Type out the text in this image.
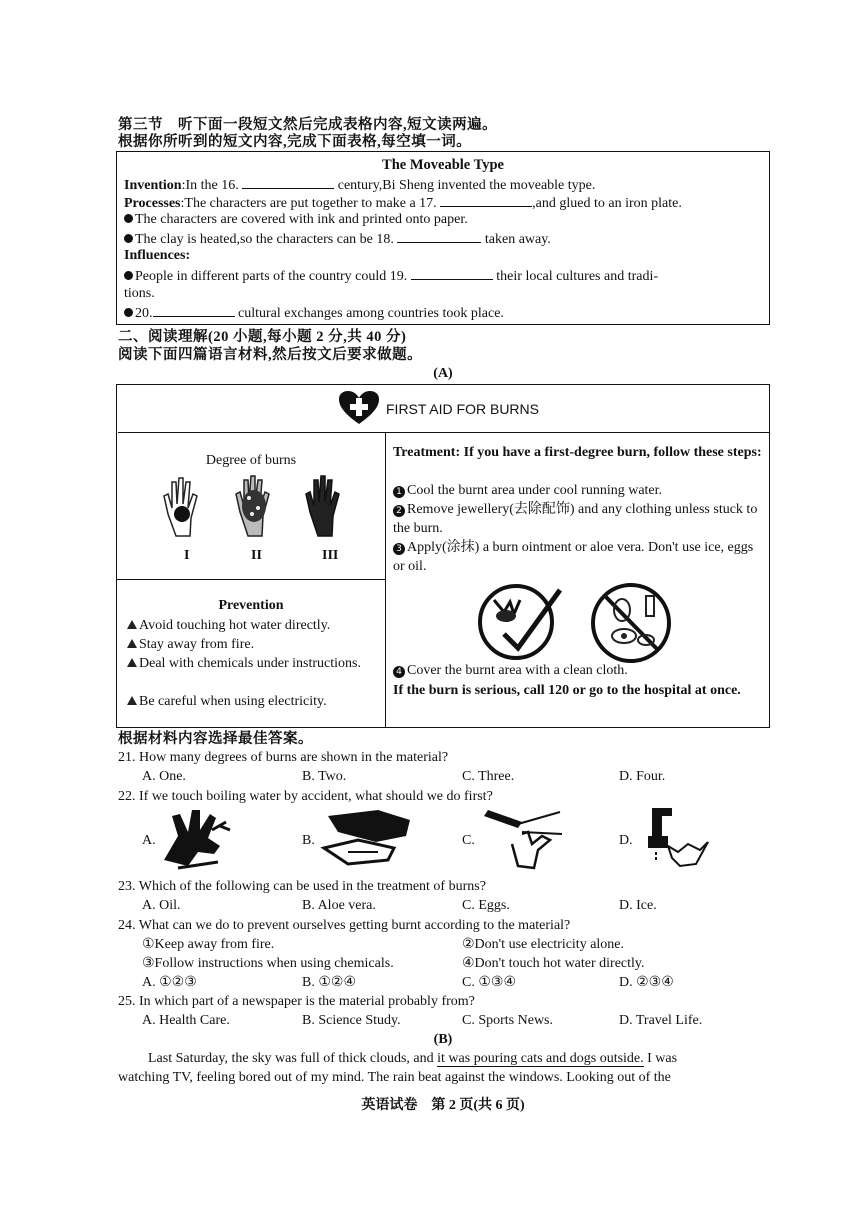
第三节　听下面一段短文然后完成表格内容,短文读两遍。
根据你所听到的短文内容,完成下面表格,每空填一词。
The Moveable Type
Invention:In the 16.	century,Bi Sheng invented the moveable type.
Processes:The characters are put together to make a 17.	,and glued to an iron plate.
The characters are covered with ink and printed onto paper.
The clay is heated,so the characters can be 18.	taken away.
Influences:
People in different parts of the country could 19.	their local cultures and tradi-
tions.
20.	cultural exchanges among countries took place.
二、阅读理解(20 小题,每小题 2 分,共 40 分)
阅读下面四篇语言材料,然后按文后要求做题。
(A)
FIRST AID FOR BURNS
Degree of burns
I	II	III
Prevention
Avoid touching hot water directly.
Stay away from fire.
Deal with chemicals under instructions.
Be careful when using electricity.
Treatment: If you have a first-degree burn, follow these steps:
1 Cool the burnt area under cool running water.
2 Remove jewellery(去除配饰) and any clothing unless stuck to the burn.
3 Apply(涂抹) a burn ointment or aloe vera. Don't use ice, eggs or oil.
4 Cover the burnt area with a clean cloth.
If the burn is serious, call 120 or go to the hospital at once.
根据材料内容选择最佳答案。
21. How many degrees of burns are shown in the material?
A. One.	B. Two.	C. Three.	D. Four.
22. If we touch boiling water by accident, what should we do first?
A.	B.	C.	D.
23. Which of the following can be used in the treatment of burns?
A. Oil.	B. Aloe vera.	C. Eggs.	D. Ice.
24. What can we do to prevent ourselves getting burnt according to the material?
①Keep away from fire.	②Don't use electricity alone.
③Follow instructions when using chemicals.	④Don't touch hot water directly.
A. ①②③	B. ①②④	C. ①③④	D. ②③④
25. In which part of a newspaper is the material probably from?
A. Health Care.	B. Science Study.	C. Sports News.	D. Travel Life.
(B)
Last Saturday, the sky was full of thick clouds, and it was pouring cats and dogs outside. I was
watching TV, feeling bored out of my mind. The rain beat against the windows. Looking out of the
英语试卷　第 2 页(共 6 页)
